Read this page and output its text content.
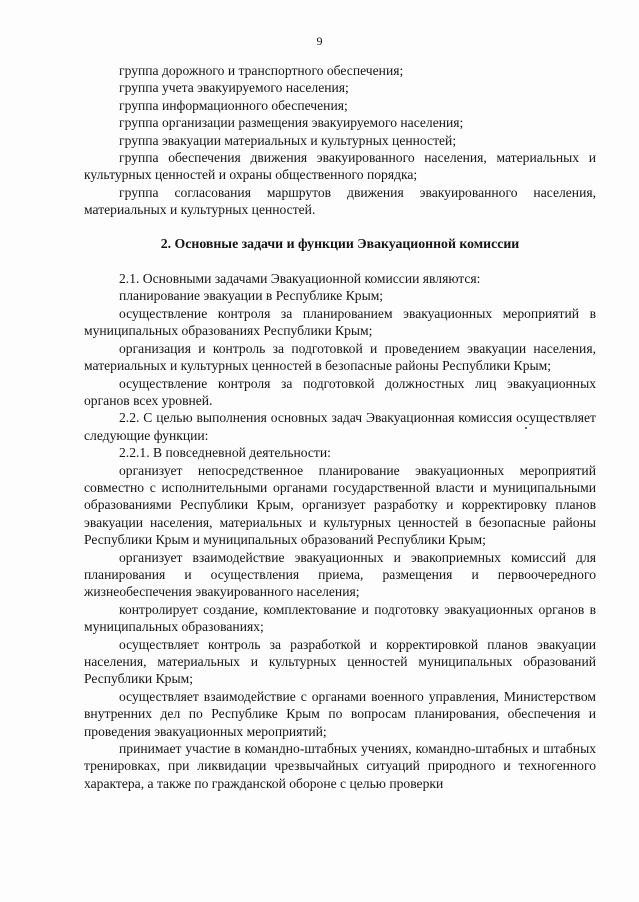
9

группа дорожного и транспортного обеспечения;

группа учета эвакуируемого населения;

группа информационного обеспечения;

группа организации размещения эвакуируемого населения;

группа эвакуации материальных и культурных ценностей;

группа обеспечения движения эвакуированного населения, материальных и культурных ценностей и охраны общественного порядка;

группа согласования маршрутов движения эвакуированного населения, материальных и культурных ценностей.

2. Основные задачи и функции Эвакуационной комиссии

2.1. Основными задачами Эвакуационной комиссии являются:

планирование эвакуации в Республике Крым;

осуществление контроля за планированием эвакуационных мероприятий в муниципальных образованиях Республики Крым;

организация и контроль за подготовкой и проведением эвакуации населения, материальных и культурных ценностей в безопасные районы Республики Крым;

осуществление контроля за подготовкой должностных лиц эвакуационных органов всех уровней.

2.2. С целью выполнения основных задач Эвакуационная комиссия осуществляет следующие функции:

2.2.1. В повседневной деятельности:

организует непосредственное планирование эвакуационных мероприятий совместно с исполнительными органами государственной власти и муниципальными образованиями Республики Крым, организует разработку и корректировку планов эвакуации населения, материальных и культурных ценностей в безопасные районы Республики Крым и муниципальных образований Республики Крым;

организует взаимодействие эвакуационных и эвакоприемных комиссий для планирования и осуществления приема, размещения и первоочередного жизнеобеспечения эвакуированного населения;

контролирует создание, комплектование и подготовку эвакуационных органов в муниципальных образованиях;

осуществляет контроль за разработкой и корректировкой планов эвакуации населения, материальных и культурных ценностей муниципальных образований Республики Крым;

осуществляет взаимодействие с органами военного управления, Министерством внутренних дел по Республике Крым по вопросам планирования, обеспечения и проведения эвакуационных мероприятий;

принимает участие в командно-штабных учениях, командно-штабных и штабных тренировках, при ликвидации чрезвычайных ситуаций природного и техногенного характера, а также по гражданской обороне с целью проверки
